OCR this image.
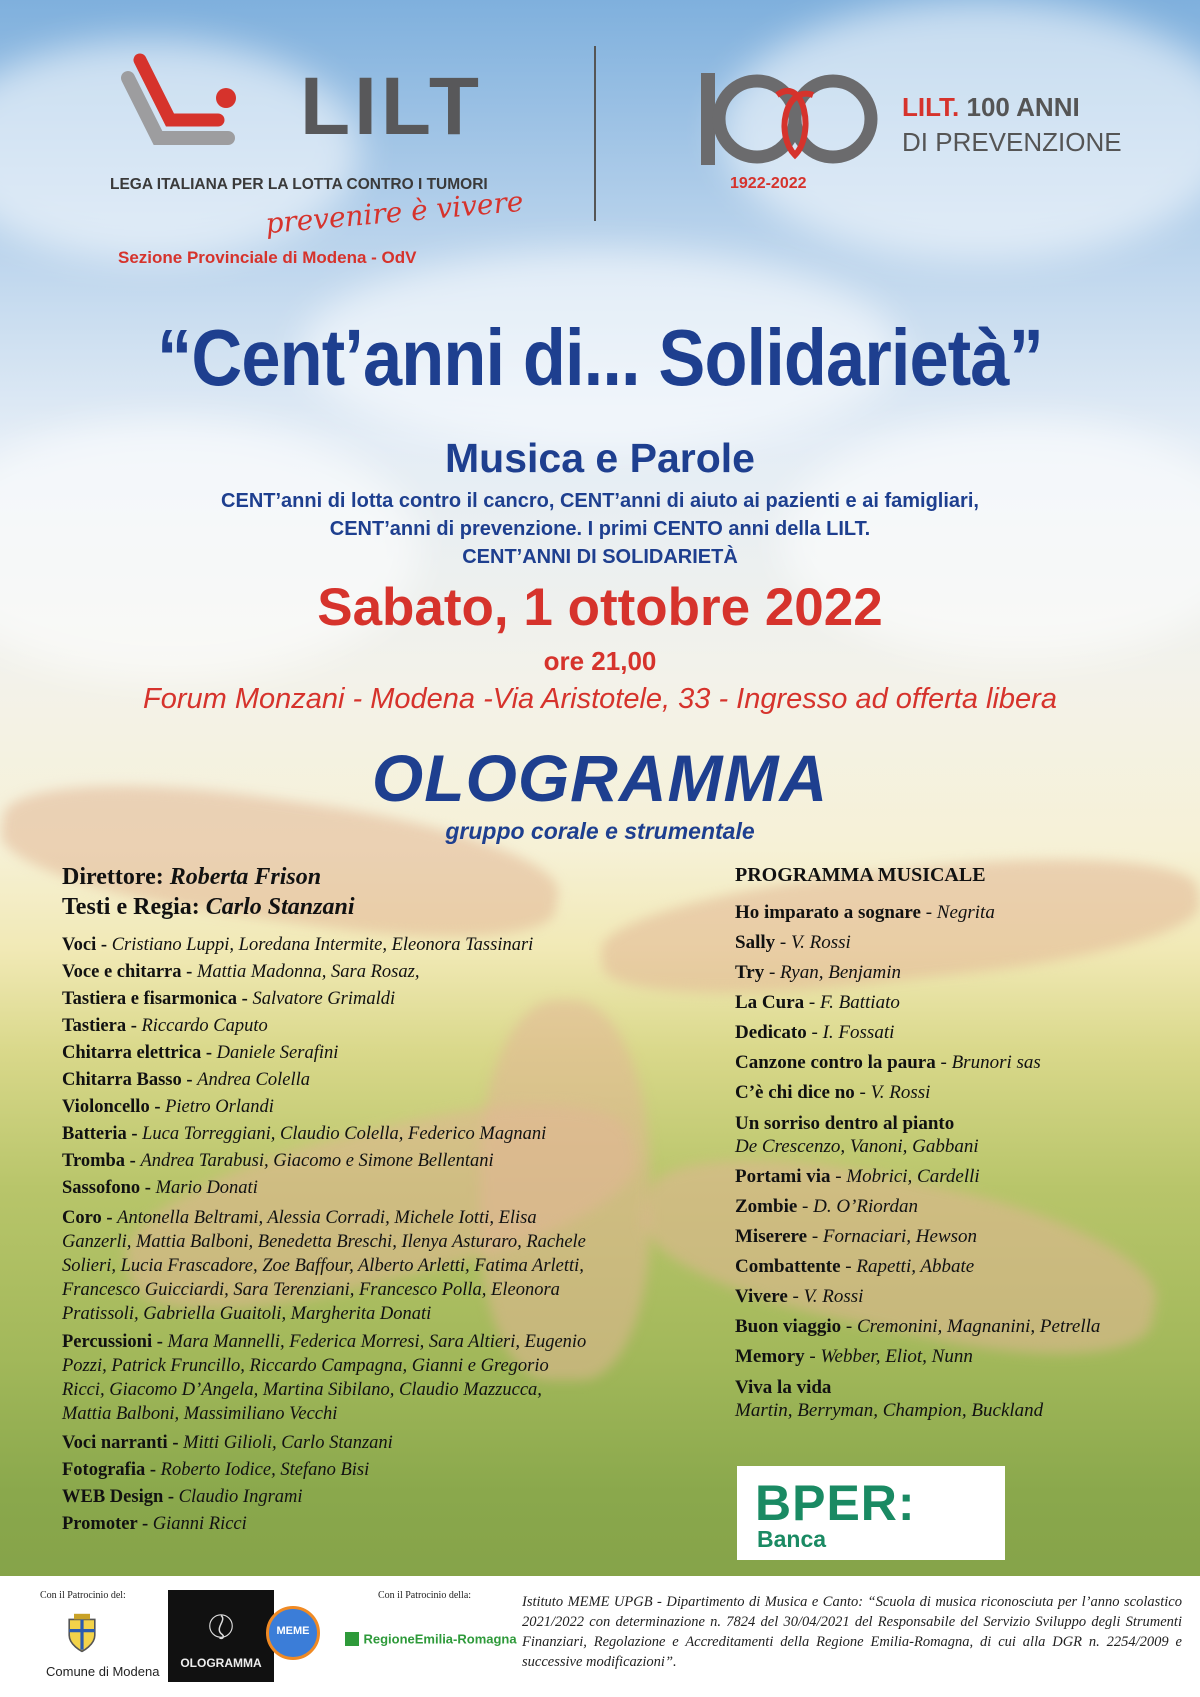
LILT
LEGA ITALIANA PER LA LOTTA CONTRO I TUMORI
prevenire è vivere
Sezione Provinciale di Modena - OdV
1922-2022
LILT. 100 ANNI
DI PREVENZIONE
“Cent’anni di... Solidarietà”
Musica e Parole
CENT’anni di lotta contro il cancro, CENT’anni di aiuto ai pazienti e ai famigliari,
CENT’anni di prevenzione. I primi CENTO anni della LILT.
CENT’ANNI DI SOLIDARIETÀ
Sabato, 1 ottobre 2022
ore 21,00
Forum Monzani - Modena -Via Aristotele, 33 - Ingresso ad offerta libera
OLOGRAMMA
gruppo corale e strumentale
Direttore: Roberta Frison
Testi e Regia: Carlo Stanzani
Voci - Cristiano Luppi, Loredana Intermite, Eleonora Tassinari
Voce e chitarra - Mattia Madonna, Sara Rosaz,
Tastiera e fisarmonica - Salvatore Grimaldi
Tastiera - Riccardo Caputo
Chitarra elettrica - Daniele Serafini
Chitarra Basso - Andrea Colella
Violoncello - Pietro Orlandi
Batteria - Luca Torreggiani, Claudio Colella, Federico Magnani
Tromba - Andrea Tarabusi, Giacomo e Simone Bellentani
Sassofono - Mario Donati
Coro - Antonella Beltrami, Alessia Corradi, Michele Iotti, Elisa
Ganzerli, Mattia Balboni, Benedetta Breschi, Ilenya Asturaro, Rachele
Solieri, Lucia Frascadore, Zoe Baffour, Alberto Arletti, Fatima Arletti,
Francesco Guicciardi, Sara Terenziani, Francesco Polla, Eleonora
Pratissoli, Gabriella Guaitoli, Margherita Donati
Percussioni - Mara Mannelli, Federica Morresi, Sara Altieri, Eugenio
Pozzi, Patrick Fruncillo, Riccardo Campagna, Gianni e Gregorio
Ricci, Giacomo D’Angela, Martina Sibilano, Claudio Mazzucca,
Mattia Balboni, Massimiliano Vecchi
Voci narranti - Mitti Gilioli, Carlo Stanzani
Fotografia - Roberto Iodice, Stefano Bisi
WEB Design - Claudio Ingrami
Promoter - Gianni Ricci
PROGRAMMA MUSICALE
Ho imparato a sognare - Negrita
Sally - V. Rossi
Try - Ryan, Benjamin
La Cura - F. Battiato
Dedicato - I. Fossati
Canzone contro la paura - Brunori sas
C’è chi dice no - V. Rossi
Un sorriso dentro al pianto
De Crescenzo, Vanoni, Gabbani
Portami via - Mobrici, Cardelli
Zombie - D. O’Riordan
Miserere - Fornaciari, Hewson
Combattente - Rapetti, Abbate
Vivere - V. Rossi
Buon viaggio - Cremonini, Magnanini, Petrella
Memory - Webber, Eliot, Nunn
Viva la vida
Martin, Berryman, Champion, Buckland
BPER:
Banca
Con il Patrocinio del:
Comune di Modena
OLOGRAMMA
MEME
Con il Patrocinio della:
RegioneEmilia-Romagna
Istituto MEME UPGB - Dipartimento di Musica e Canto: “Scuola di musica riconosciuta per l’anno scolastico 2021/2022 con determinazione n. 7824 del 30/04/2021 del Responsabile del Servizio Sviluppo degli Strumenti Finanziari, Regolazione e Accreditamenti della Regione Emilia-Romagna, di cui alla DGR n. 2254/2009 e successive modificazioni”.
